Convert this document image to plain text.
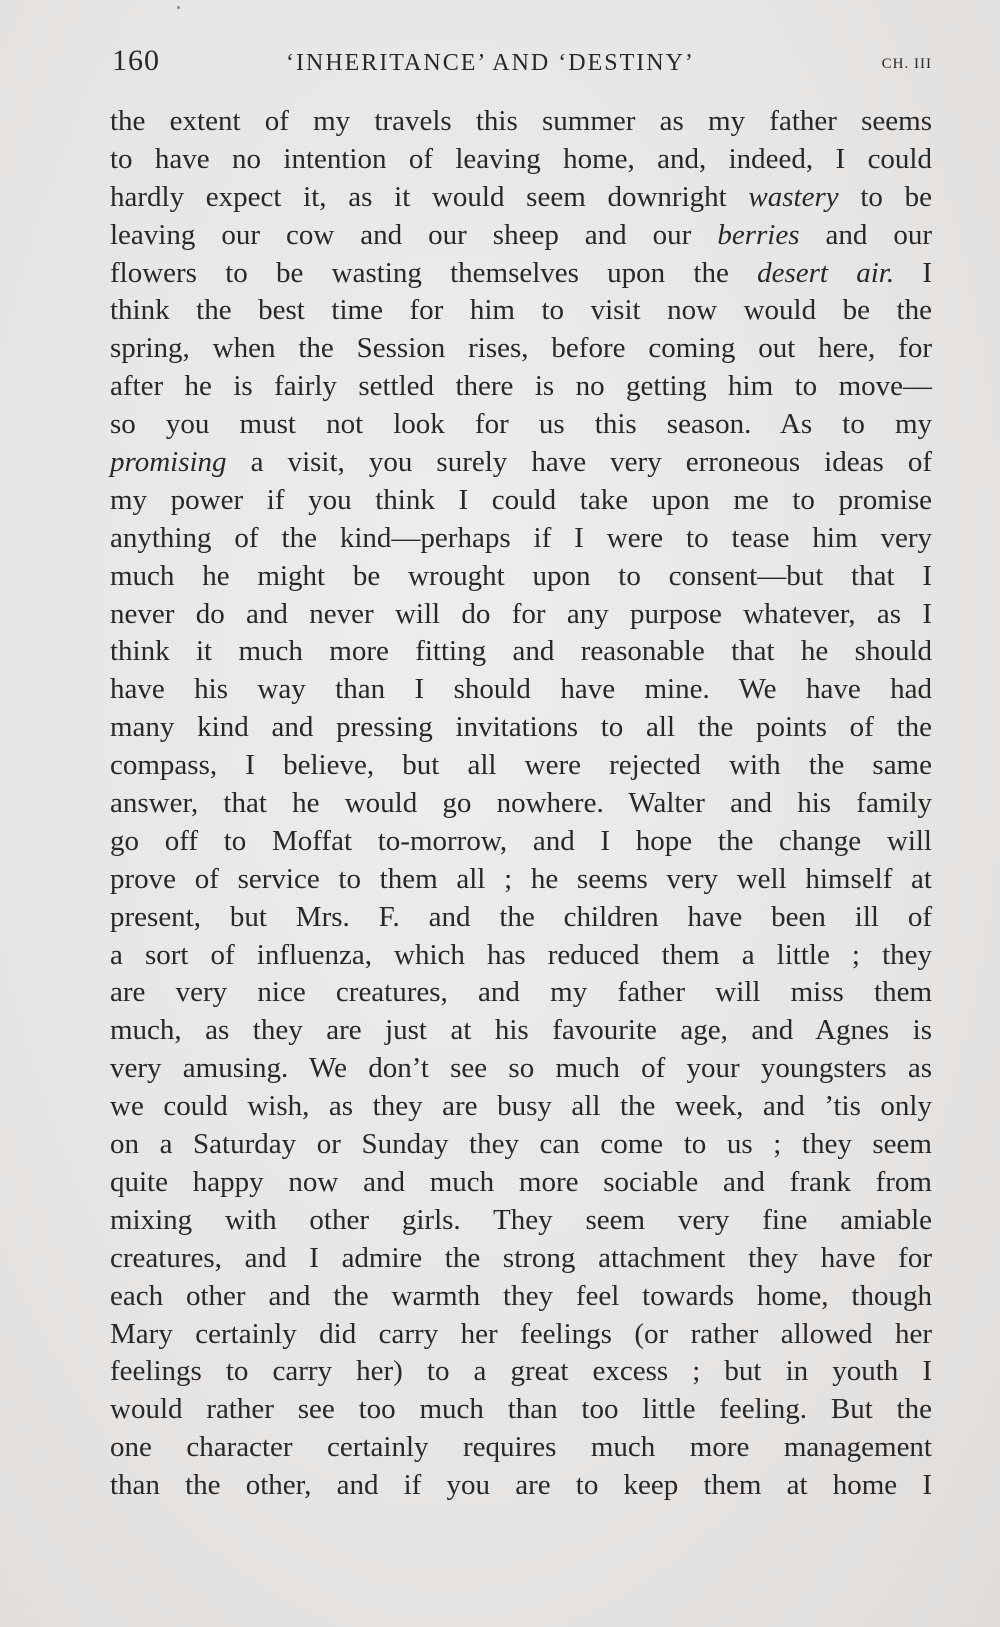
160	‘INHERITANCE’ AND ‘DESTINY’	CH. III
the extent of my travels this summer as my father seems
to have no intention of leaving home, and, indeed, I could
hardly expect it, as it would seem downright wastery to be
leaving our cow and our sheep and our berries and our
flowers to be wasting themselves upon the desert air. I
think the best time for him to visit now would be the
spring, when the Session rises, before coming out here, for
after he is fairly settled there is no getting him to move—
so you must not look for us this season. As to my
promising a visit, you surely have very erroneous ideas of
my power if you think I could take upon me to promise
anything of the kind—perhaps if I were to tease him very
much he might be wrought upon to consent—but that I
never do and never will do for any purpose whatever, as I
think it much more fitting and reasonable that he should
have his way than I should have mine. We have had
many kind and pressing invitations to all the points of the
compass, I believe, but all were rejected with the same
answer, that he would go nowhere. Walter and his family
go off to Moffat to-morrow, and I hope the change will
prove of service to them all ; he seems very well himself at
present, but Mrs. F. and the children have been ill of
a sort of influenza, which has reduced them a little ; they
are very nice creatures, and my father will miss them
much, as they are just at his favourite age, and Agnes is
very amusing. We don’t see so much of your youngsters as
we could wish, as they are busy all the week, and ’tis only
on a Saturday or Sunday they can come to us ; they seem
quite happy now and much more sociable and frank from
mixing with other girls. They seem very fine amiable
creatures, and I admire the strong attachment they have for
each other and the warmth they feel towards home, though
Mary certainly did carry her feelings (or rather allowed her
feelings to carry her) to a great excess ; but in youth I
would rather see too much than too little feeling. But the
one character certainly requires much more management
than the other, and if you are to keep them at home I
